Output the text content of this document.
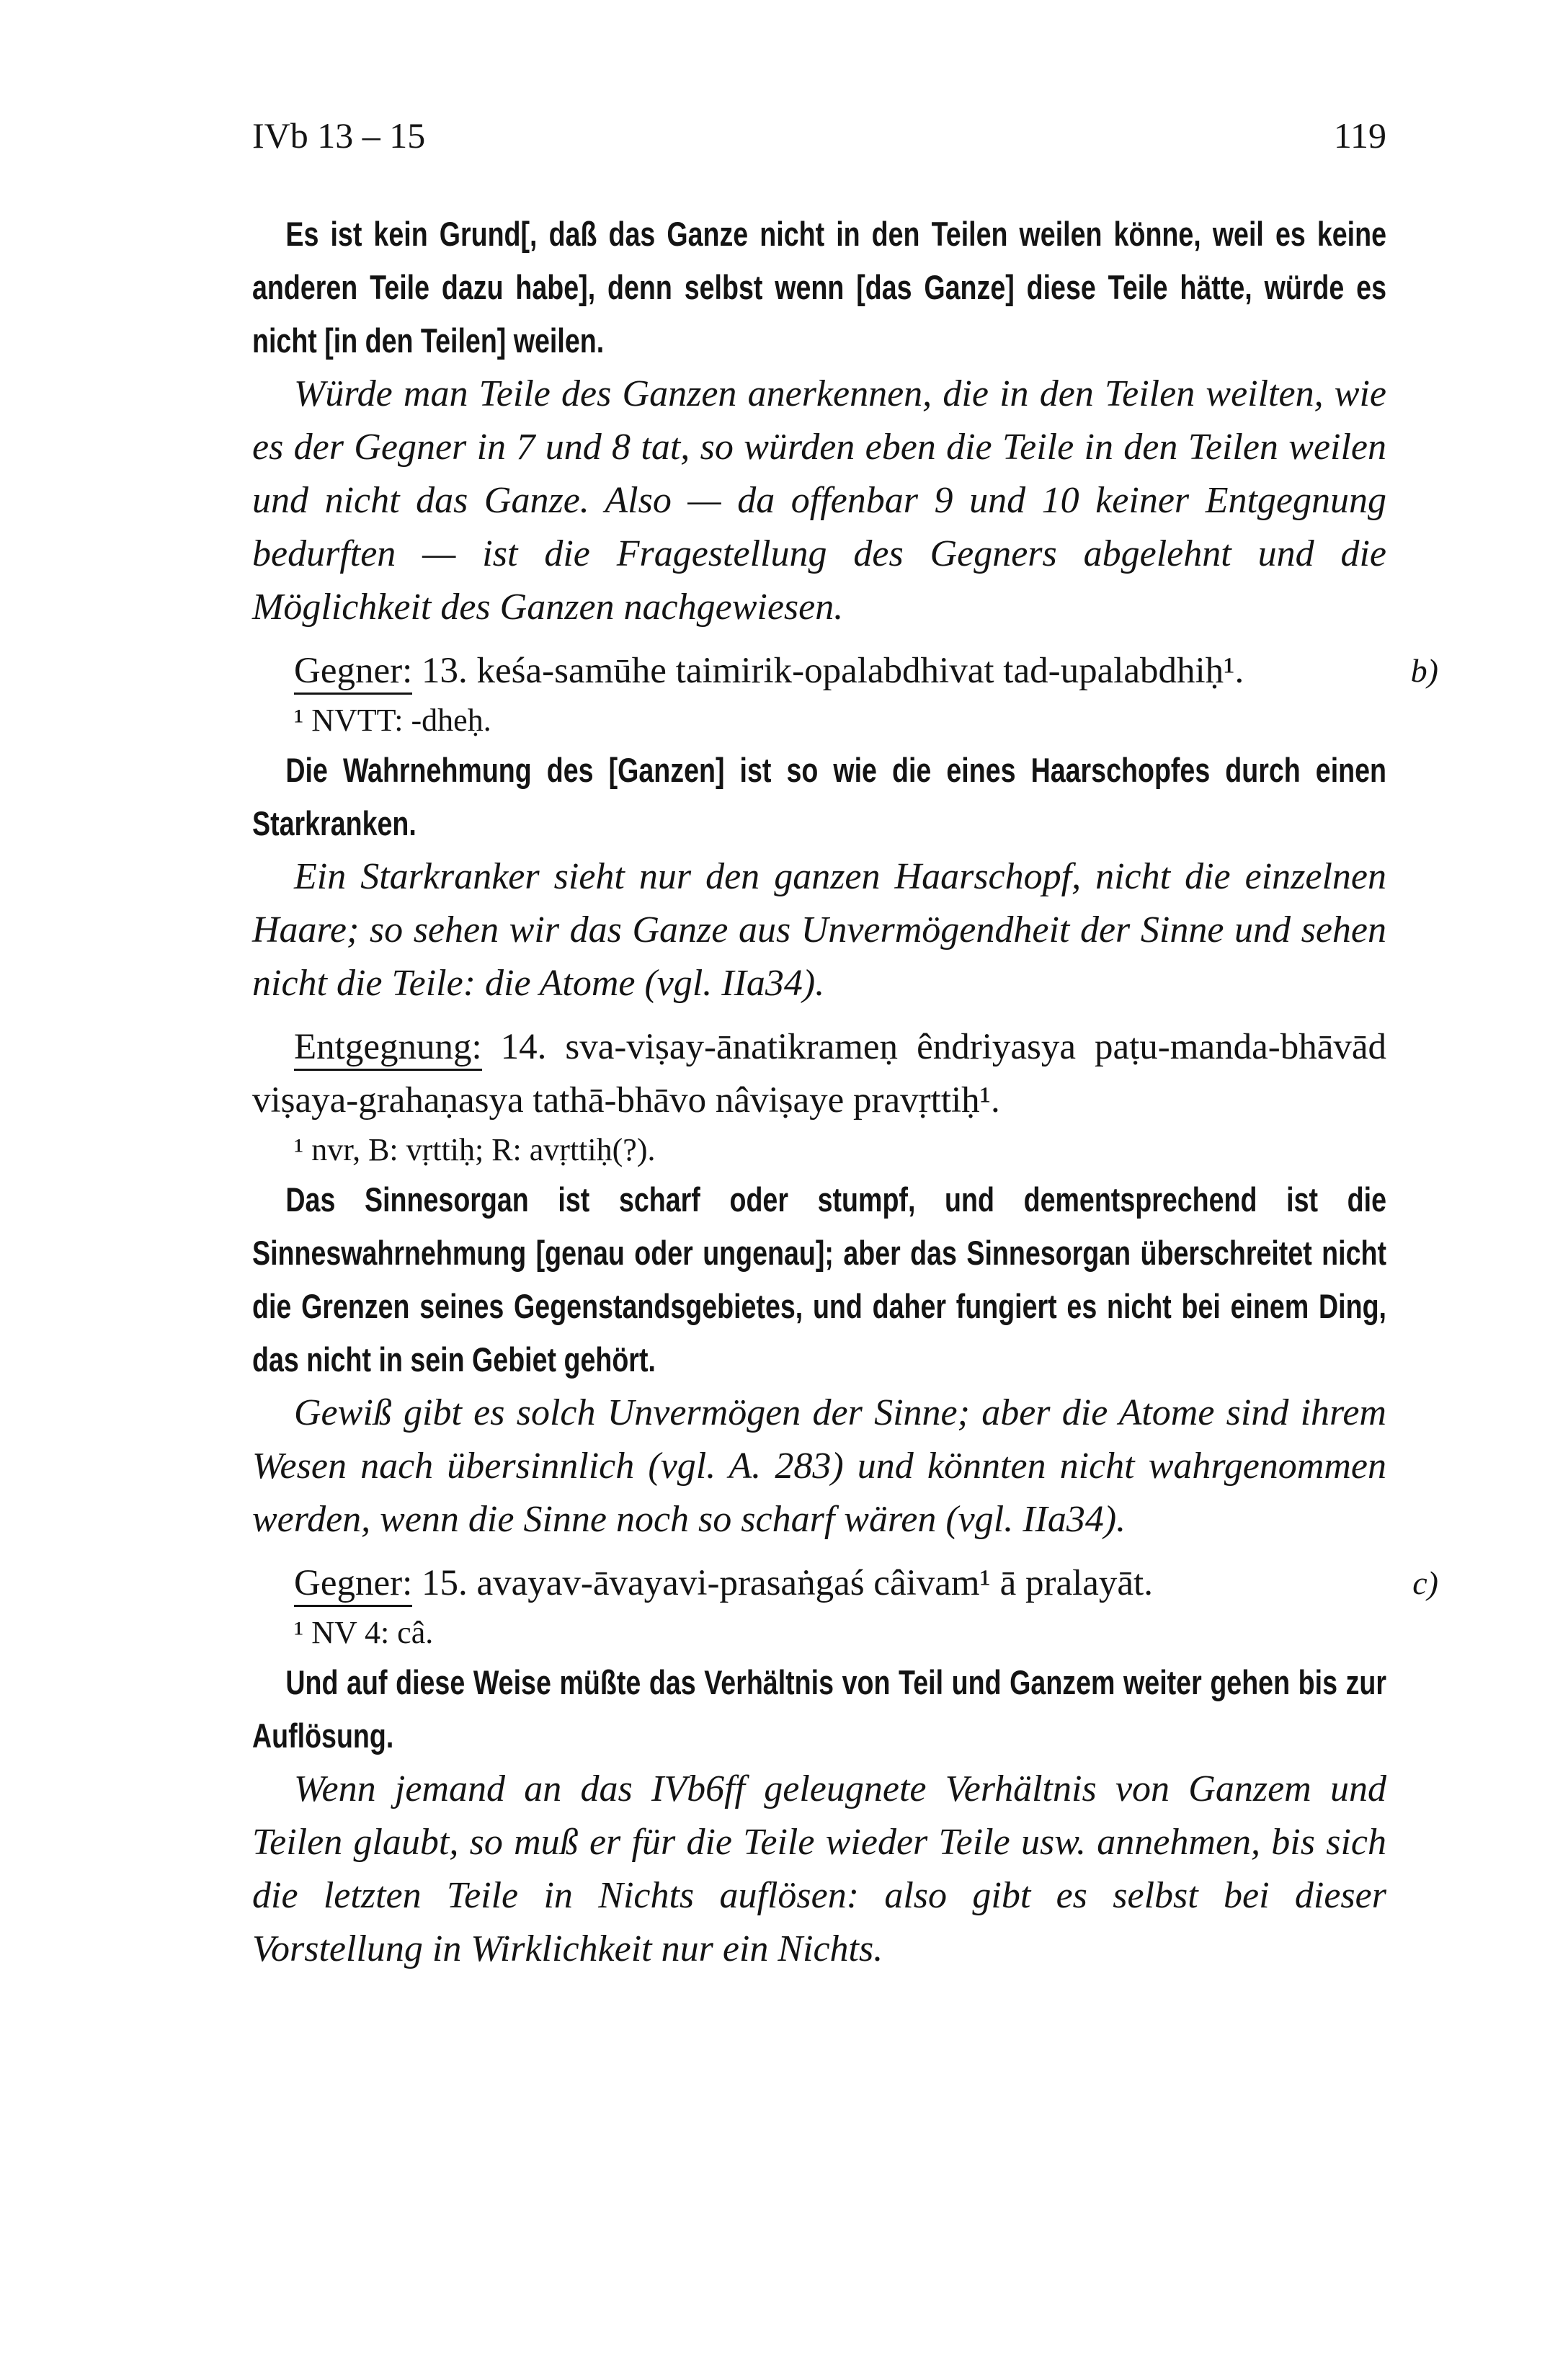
IVb 13 – 15	119

Es ist kein Grund[, daß das Ganze nicht in den Teilen weilen könne, weil es keine anderen Teile dazu habe], denn selbst wenn [das Ganze] diese Teile hätte, würde es nicht [in den Teilen] weilen.

Würde man Teile des Ganzen anerkennen, die in den Teilen weilten, wie es der Gegner in 7 und 8 tat, so würden eben die Teile in den Teilen weilen und nicht das Ganze. Also — da offenbar 9 und 10 keiner Entgegnung bedurften — ist die Fragestellung des Gegners abgelehnt und die Möglichkeit des Ganzen nachgewiesen.

Gegner: 13. keśa-samūhe taimirik-opalabdhivat tad-upalabdhiḥ¹.	b)

¹ NVTT: -dheḥ.

Die Wahrnehmung des [Ganzen] ist so wie die eines Haarschopfes durch einen Starkranken.

Ein Starkranker sieht nur den ganzen Haarschopf, nicht die einzelnen Haare; so sehen wir das Ganze aus Unvermögendheit der Sinne und sehen nicht die Teile: die Atome (vgl. IIa34).

Entgegnung: 14. sva-viṣay-ānatikrameṇ êndriyasya paṭu-manda-bhāvād viṣaya-grahaṇasya tathā-bhāvo nâviṣaye pravṛttiḥ¹.

¹ nvr, B: vṛttiḥ; R: avṛttiḥ(?).

Das Sinnesorgan ist scharf oder stumpf, und dementsprechend ist die Sinneswahrnehmung [genau oder ungenau]; aber das Sinnesorgan überschreitet nicht die Grenzen seines Gegenstandsgebietes, und daher fungiert es nicht bei einem Ding, das nicht in sein Gebiet gehört.

Gewiß gibt es solch Unvermögen der Sinne; aber die Atome sind ihrem Wesen nach übersinnlich (vgl. A. 283) und könnten nicht wahrgenommen werden, wenn die Sinne noch so scharf wären (vgl. IIa34).

Gegner: 15. avayav-āvayavi-prasaṅgaś câivam¹ ā pralayāt.	c)

¹ NV 4: câ.

Und auf diese Weise müßte das Verhältnis von Teil und Ganzem weiter gehen bis zur Auflösung.

Wenn jemand an das IVb6ff geleugnete Verhältnis von Ganzem und Teilen glaubt, so muß er für die Teile wieder Teile usw. annehmen, bis sich die letzten Teile in Nichts auflösen: also gibt es selbst bei dieser Vorstellung in Wirklichkeit nur ein Nichts.
